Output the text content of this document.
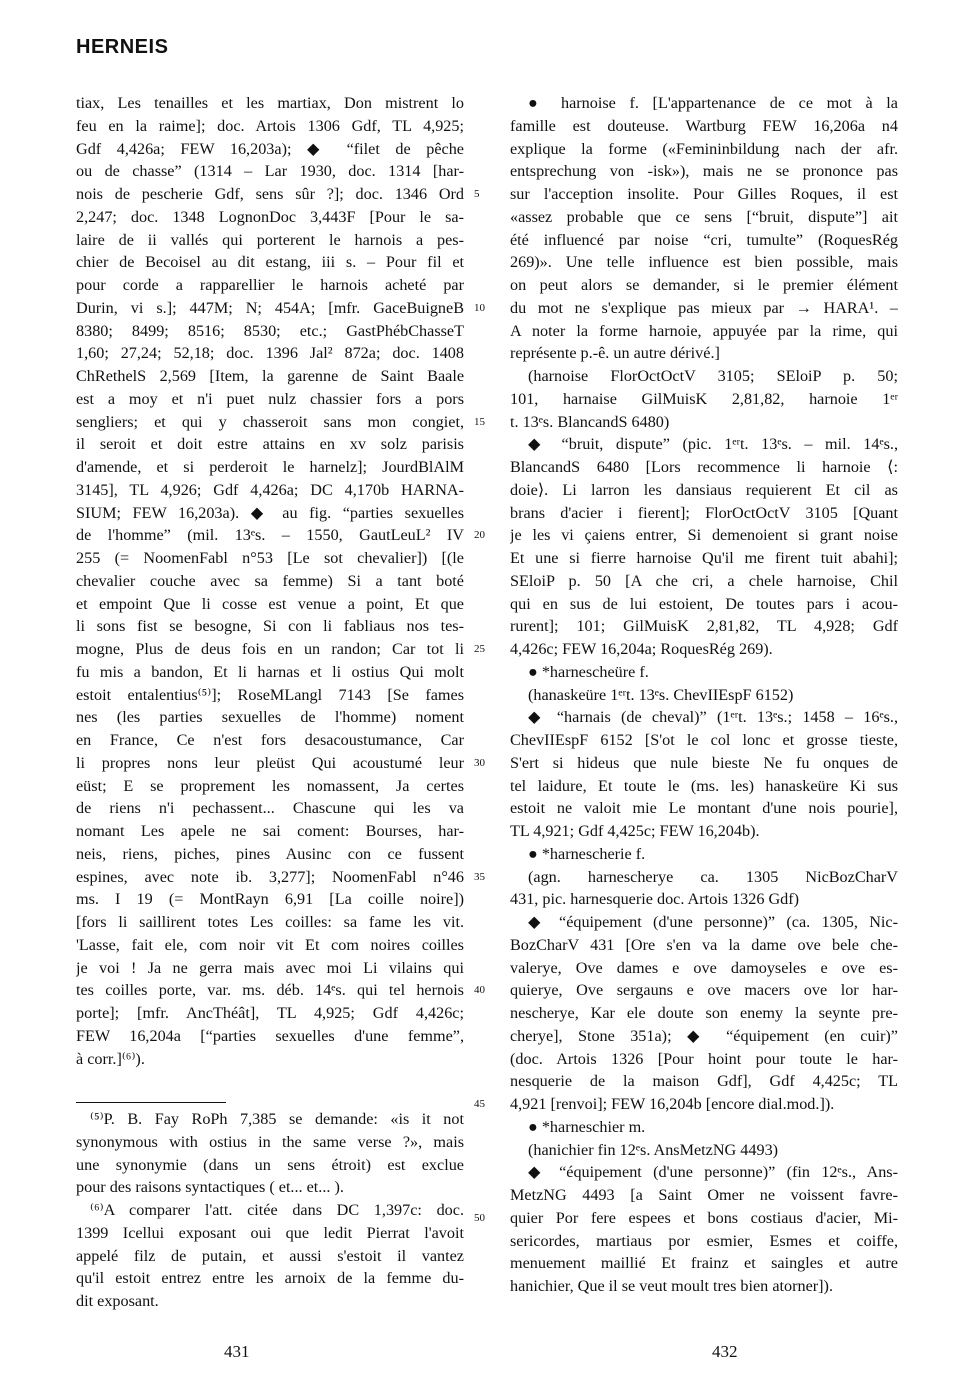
HERNEIS
tiax, Les tenailles et les martiax, Don mistrent lo
feu en la raime]; doc. Artois 1306 Gdf, TL 4,925;
Gdf 4,426a; FEW 16,203a); ◆ “filet de pêche
ou de chasse” (1314 – Lar 1930, doc. 1314 [har-
nois de pescherie Gdf, sens sûr ?]; doc. 1346 Ord
2,247; doc. 1348 LognonDoc 3,443F [Pour le sa-
laire de ii vallés qui porterent le harnois a pes-
chier de Becoisel au dit estang, iii s. – Pour fil et
pour corde a rapparellier le harnois acheté par
Durin, vi s.]; 447M; N; 454A; [mfr. GaceBuigneB
8380; 8499; 8516; 8530; etc.; GastPhébChasseT
1,60; 27,24; 52,18; doc. 1396 Jal² 872a; doc. 1408
ChRethelS 2,569 [Item, la garenne de Saint Baale
est a moy et n'i puet nulz chassier fors a pors
sengliers; et qui y chasseroit sans mon congiet,
il seroit et doit estre attains en xv solz parisis
d'amende, et si perderoit le harnelz]; JourdBlAlM
3145], TL 4,926; Gdf 4,426a; DC 4,170b HARNA-
SIUM; FEW 16,203a). ◆ au fig. “parties sexuelles
de l'homme” (mil. 13ᵉs. – 1550, GautLeuL² IV
255 (= NoomenFabl n°53 [Le sot chevalier]) [(le
chevalier couche avec sa femme) Si a tant boté
et empoint Que li cosse est venue a point, Et que
li sons fist se besogne, Si con li fabliaus nos tes-
mogne, Plus de deus fois en un randon; Car tot li
fu mis a bandon, Et li harnas et li ostius Qui molt
estoit entalentius⁽⁵⁾]; RoseMLangl 7143 [Se fames
nes (les parties sexuelles de l'homme) noment
en France, Ce n'est fors desacoustumance, Car
li propres nons leur pleüst Qui acoustumé leur
eüst; E se proprement les nomassent, Ja certes
de riens n'i pechassent... Chascune qui les va
nomant Les apele ne sai coment: Bourses, har-
neis, riens, piches, pines Ausinc con ce fussent
espines, avec note ib. 3,277]; NoomenFabl n°46
ms. I 19 (= MontRayn 6,91 [La coille noire])
[fors li saillirent totes Les coilles: sa fame les vit.
'Lasse, fait ele, com noir vit Et com noires coilles
je voi ! Ja ne gerra mais avec moi Li vilains qui
tes coilles porte, var. ms. déb. 14ᵉs. qui tel hernois
porte]; [mfr. AncThéât], TL 4,925; Gdf 4,426c;
FEW 16,204a [“parties sexuelles d'une femme”,
à corr.]⁽⁶⁾).
5
10
15
20
25
30
35
40
45
50
● harnoise f. [L'appartenance de ce mot à la
famille est douteuse. Wartburg FEW 16,206a n4
explique la forme («Femininbildung nach der afr.
entsprechung von -isk»), mais ne se prononce pas
sur l'acception insolite. Pour Gilles Roques, il est
«assez probable que ce sens [“bruit, dispute”] ait
été influencé par noise “cri, tumulte” (RoquesRég
269)». Une telle influence est bien possible, mais
on peut alors se demander, si le premier élément
du mot ne s'explique pas mieux par → HARA¹. –
A noter la forme harnoie, appuyée par la rime, qui
représente p.-ê. un autre dérivé.]
(harnoise FlorOctOctV 3105; SEloiP p. 50;
101, harnaise GilMuisK 2,81,82, harnoie 1ᵉʳ
t. 13ᵉs. BlancandS 6480)
◆ “bruit, dispute” (pic. 1ᵉʳt. 13ᵉs. – mil. 14ᵉs.,
BlancandS 6480 [Lors recommence li harnoie ⟨:
doie⟩. Li larron les dansiaus requierent Et cil as
brans d'acier i fierent]; FlorOctOctV 3105 [Quant
je les vi çaiens entrer, Si demenoient si grant noise
Et une si fierre harnoise Qu'il me firent tuit abahi];
SEloiP p. 50 [A che cri, a chele harnoise, Chil
qui en sus de lui estoient, De toutes pars i acou-
rurent]; 101; GilMuisK 2,81,82, TL 4,928; Gdf
4,426c; FEW 16,204a; RoquesRég 269).
● *harnescheüre f.
(hanaskeüre 1ᵉʳt. 13ᵉs. ChevIIEspF 6152)
◆ “harnais (de cheval)” (1ᵉʳt. 13ᵉs.; 1458 – 16ᵉs.,
ChevIIEspF 6152 [S'ot le col lonc et grosse tieste,
S'ert si hideus que nule bieste Ne fu onques de
tel laidure, Et toute le (ms. les) hanaskeüre Ki sus
estoit ne valoit mie Le montant d'une nois pourie],
TL 4,921; Gdf 4,425c; FEW 16,204b).
● *harnescherie f.
(agn. harnescherye ca. 1305 NicBozCharV
431, pic. harnesquerie doc. Artois 1326 Gdf)
◆ “équipement (d'une personne)” (ca. 1305, Nic-
BozCharV 431 [Ore s'en va la dame ove bele che-
valerye, Ove dames e ove damoyseles e ove es-
quierye, Ove sergauns e ove macers ove lor har-
nescherye, Kar ele doute son enemy la seynte pre-
cherye], Stone 351a); ◆ “équipement (en cuir)”
(doc. Artois 1326 [Pour hoint pour toute le har-
nesquerie de la maison Gdf], Gdf 4,425c; TL
4,921 [renvoi]; FEW 16,204b [encore dial.mod.]).
● *harneschier m.
(hanichier fin 12ᵉs. AnsMetzNG 4493)
◆ “équipement (d'une personne)” (fin 12ᵉs., Ans-
MetzNG 4493 [a Saint Omer ne voissent favre-
quier Por fere espees et bons costiaus d'acier, Mi-
sericordes, martiaus por esmier, Esmes et coiffe,
menuement maillié Et frainz et saingles et autre
hanichier, Que il se veut moult tres bien atorner]).
⁽⁵⁾P. B. Fay RoPh 7,385 se demande: «is it not
synonymous with ostius in the same verse ?», mais
une synonymie (dans un sens étroit) est exclue
pour des raisons syntactiques ( et... et... ).
⁽⁶⁾A comparer l'att. citée dans DC 1,397c: doc.
1399 Icellui exposant oui que ledit Pierrat l'avoit
appelé filz de putain, et aussi s'estoit il vantez
qu'il estoit entrez entre les arnoix de la femme du-
dit exposant.
431	432
